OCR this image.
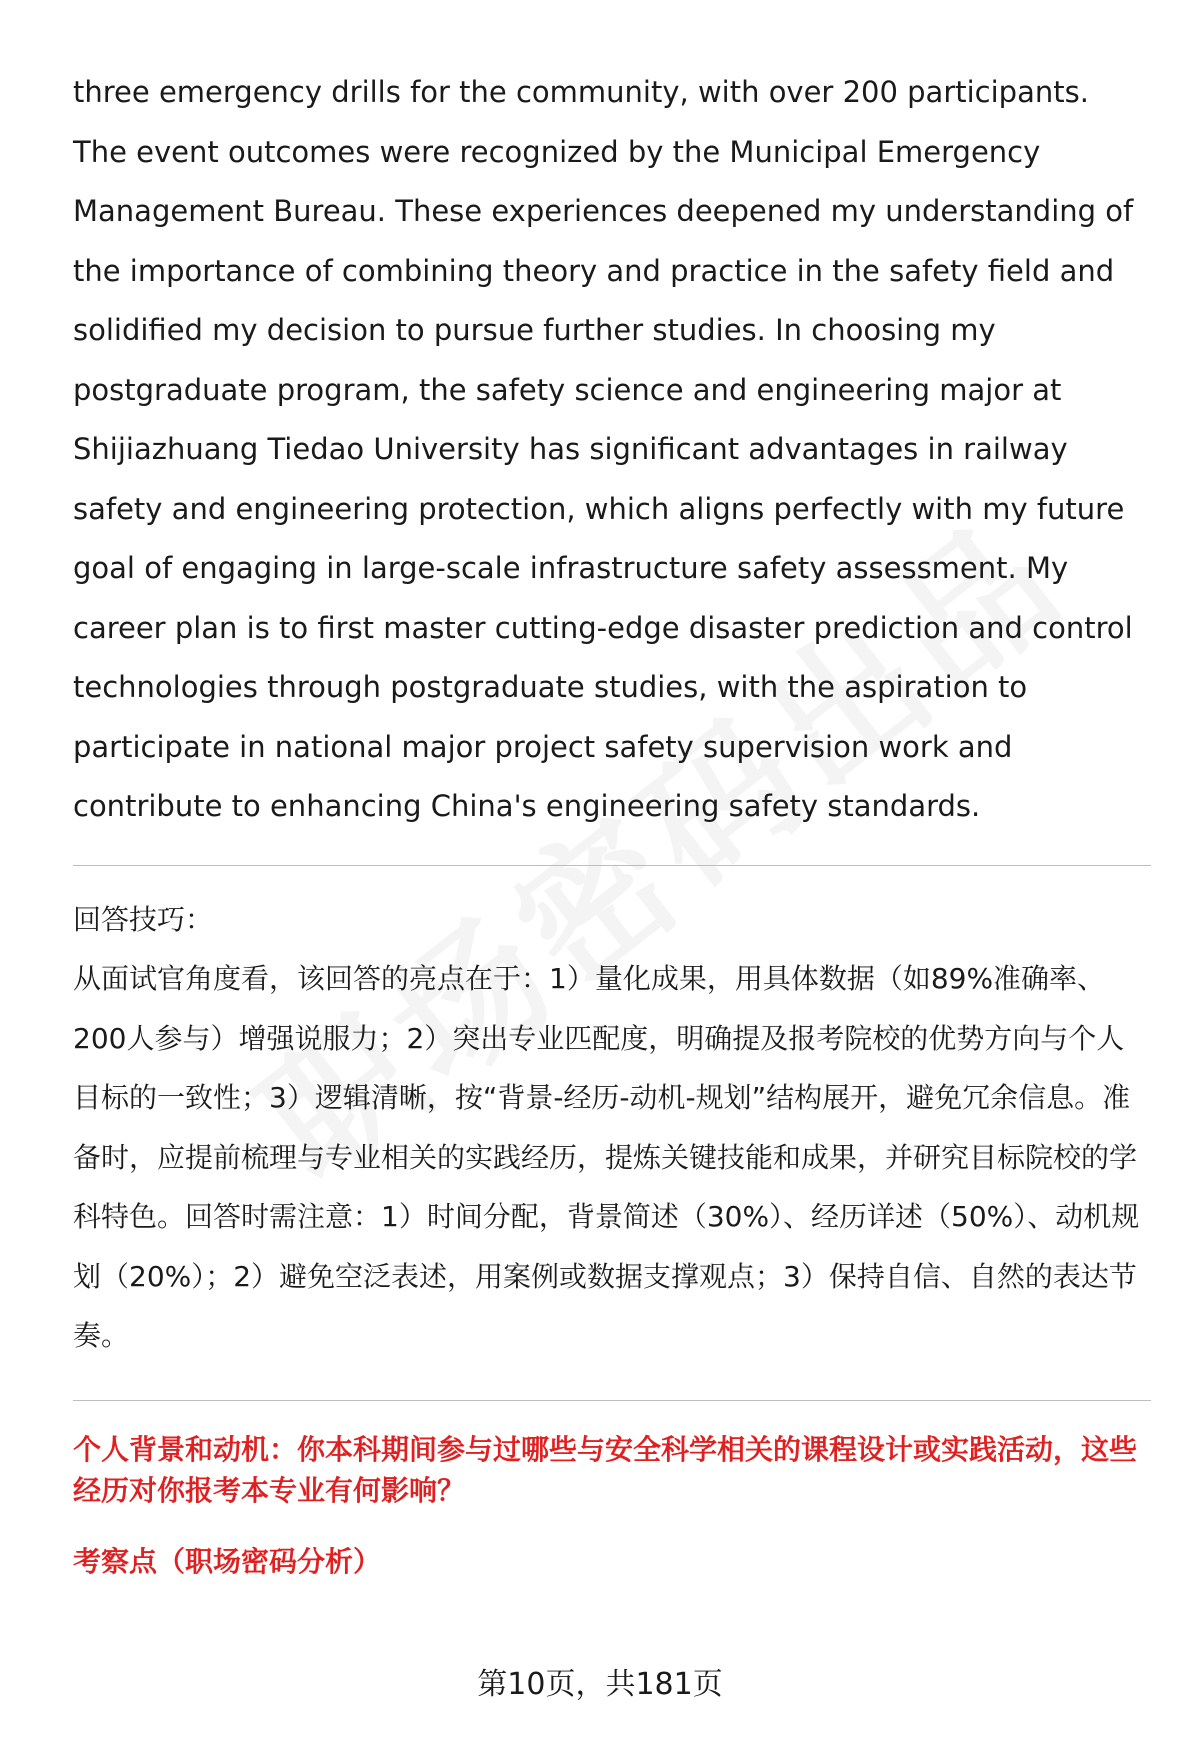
three emergency drills for the community, with over 200 participants. The event outcomes were recognized by the Municipal Emergency Management Bureau. These experiences deepened my understanding of the importance of combining theory and practice in the safety field and solidified my decision to pursue further studies. In choosing my postgraduate program, the safety science and engineering major at Shijiazhuang Tiedao University has significant advantages in railway safety and engineering protection, which aligns perfectly with my future goal of engaging in large-scale infrastructure safety assessment. My career plan is to first master cutting-edge disaster prediction and control technologies through postgraduate studies, with the aspiration to participate in national major project safety supervision work and contribute to enhancing China's engineering safety standards.

回答技巧：

从面试官角度看，该回答的亮点在于：1）量化成果，用具体数据（如89%准确率、200人参与）增强说服力；2）突出专业匹配度，明确提及报考院校的优势方向与个人目标的一致性；3）逻辑清晰，按“背景-经历-动机-规划”结构展开，避免冗余信息。准备时，应提前梳理与专业相关的实践经历，提炼关键技能和成果，并研究目标院校的学科特色。回答时需注意：1）时间分配，背景简述（30%）、经历详述（50%）、动机规划（20%）；2）避免空泛表述，用案例或数据支撑观点；3）保持自信、自然的表达节奏。

个人背景和动机：你本科期间参与过哪些与安全科学相关的课程设计或实践活动，这些经历对你报考本专业有何影响？
考察点（职场密码分析）
第10页，共181页
